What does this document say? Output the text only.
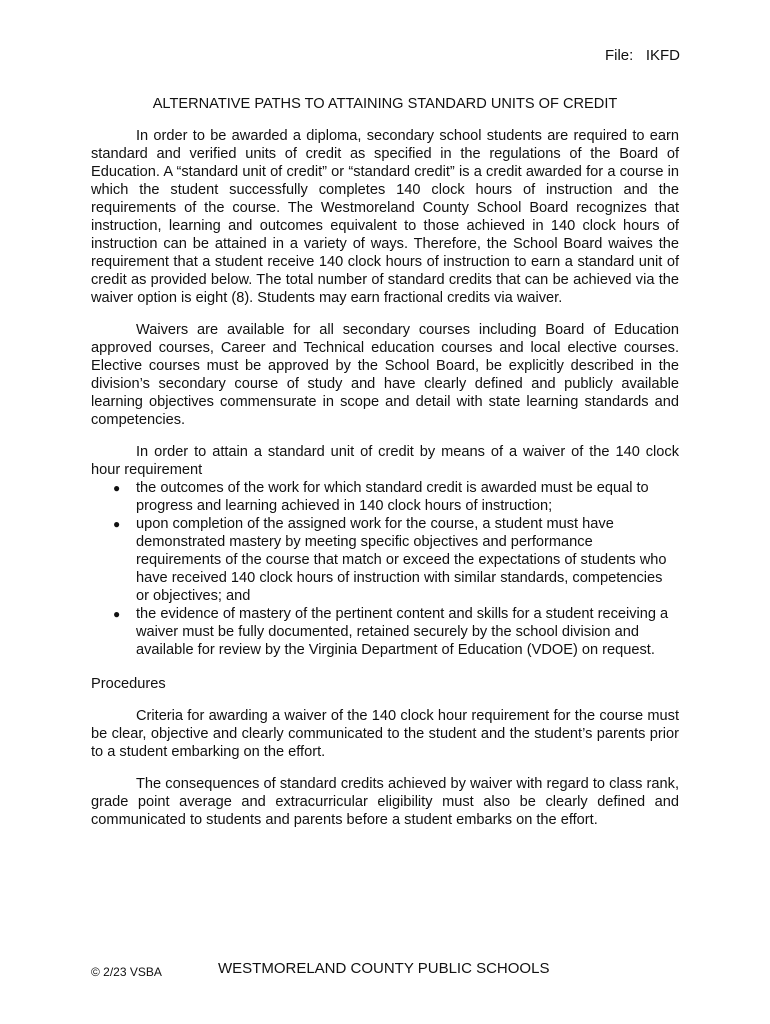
File:   IKFD
ALTERNATIVE PATHS TO ATTAINING STANDARD UNITS OF CREDIT

In order to be awarded a diploma, secondary school students are required to earn standard and verified units of credit as specified in the regulations of the Board of Education. A “standard unit of credit” or “standard credit” is a credit awarded for a course in which the student successfully completes 140 clock hours of instruction and the requirements of the course. The Westmoreland County School Board recognizes that instruction, learning and outcomes equivalent to those achieved in 140 clock hours of instruction can be attained in a variety of ways. Therefore, the School Board waives the requirement that a student receive 140 clock hours of instruction to earn a standard unit of credit as provided below. The total number of standard credits that can be achieved via the waiver option is eight (8). Students may earn fractional credits via waiver.

Waivers are available for all secondary courses including Board of Education approved courses, Career and Technical education courses and local elective courses. Elective courses must be approved by the School Board, be explicitly described in the division’s secondary course of study and have clearly defined and publicly available learning objectives commensurate in scope and detail with state learning standards and competencies.

In order to attain a standard unit of credit by means of a waiver of the 140 clock hour requirement

● the outcomes of the work for which standard credit is awarded must be equal to progress and learning achieved in 140 clock hours of instruction;
● upon completion of the assigned work for the course, a student must have demonstrated mastery by meeting specific objectives and performance requirements of the course that match or exceed the expectations of students who have received 140 clock hours of instruction with similar standards, competencies or objectives; and
● the evidence of mastery of the pertinent content and skills for a student receiving a waiver must be fully documented, retained securely by the school division and available for review by the Virginia Department of Education (VDOE) on request.

Procedures

Criteria for awarding a waiver of the 140 clock hour requirement for the course must be clear, objective and clearly communicated to the student and the student’s parents prior to a student embarking on the effort.

The consequences of standard credits achieved by waiver with regard to class rank, grade point average and extracurricular eligibility must also be clearly defined and communicated to students and parents before a student embarks on the effort.

© 2/23 VSBA	WESTMORELAND COUNTY PUBLIC SCHOOLS
